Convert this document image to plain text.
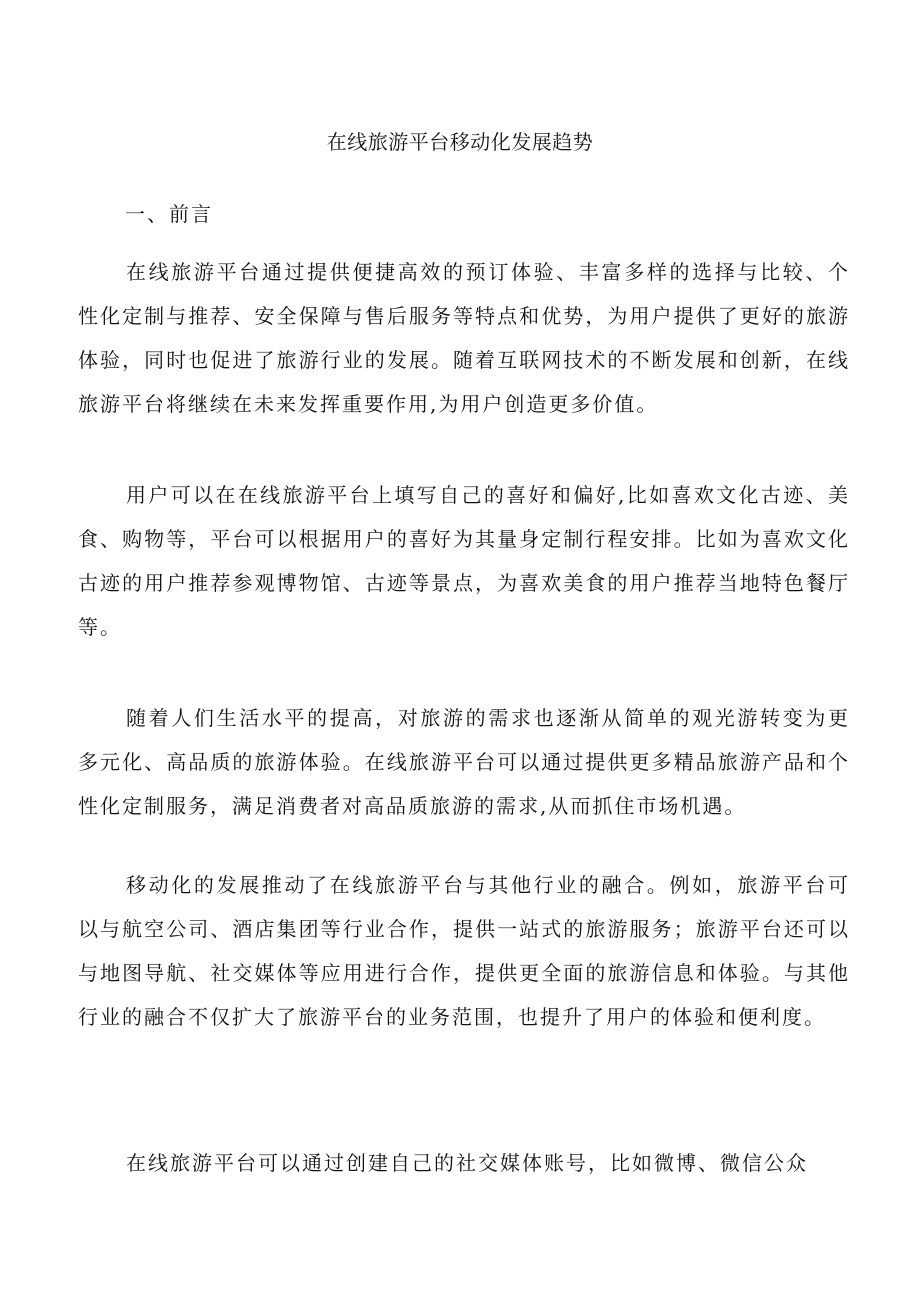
在线旅游平台移动化发展趋势
一、前言

在线旅游平台通过提供便捷高效的预订体验、丰富多样的选择与比较、个性化定制与推荐、安全保障与售后服务等特点和优势，为用户提供了更好的旅游体验，同时也促进了旅游行业的发展。随着互联网技术的不断发展和创新，在线旅游平台将继续在未来发挥重要作用,为用户创造更多价值。

用户可以在在线旅游平台上填写自己的喜好和偏好,比如喜欢文化古迹、美食、购物等，平台可以根据用户的喜好为其量身定制行程安排。比如为喜欢文化古迹的用户推荐参观博物馆、古迹等景点，为喜欢美食的用户推荐当地特色餐厅等。

随着人们生活水平的提高，对旅游的需求也逐渐从简单的观光游转变为更多元化、高品质的旅游体验。在线旅游平台可以通过提供更多精品旅游产品和个性化定制服务，满足消费者对高品质旅游的需求,从而抓住市场机遇。

移动化的发展推动了在线旅游平台与其他行业的融合。例如，旅游平台可以与航空公司、酒店集团等行业合作，提供一站式的旅游服务；旅游平台还可以与地图导航、社交媒体等应用进行合作，提供更全面的旅游信息和体验。与其他行业的融合不仅扩大了旅游平台的业务范围，也提升了用户的体验和便利度。

在线旅游平台可以通过创建自己的社交媒体账号，比如微博、微信公众
